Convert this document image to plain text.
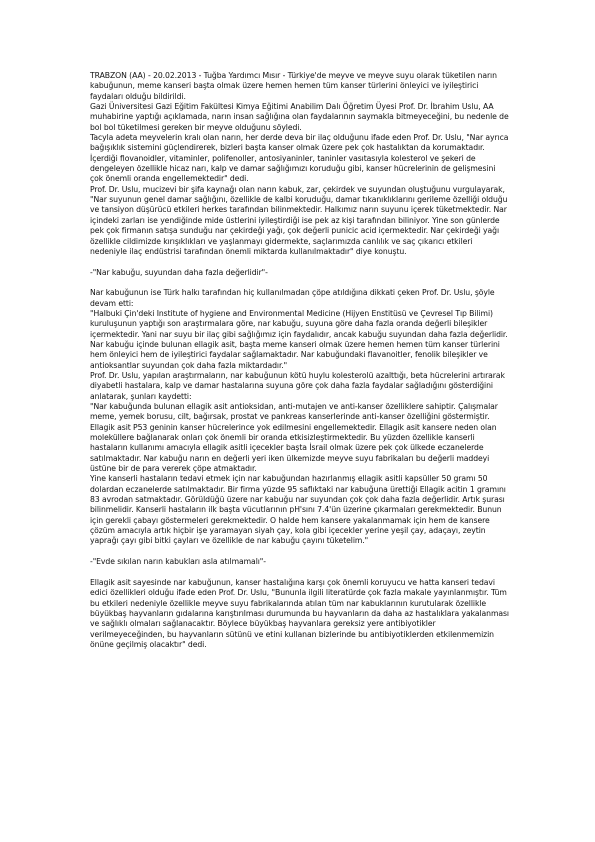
TRABZON (AA) - 20.02.2013 - Tuğba Yardımcı Mısır - Türkiye'de meyve ve meyve suyu olarak tüketilen narın kabuğunun, meme kanseri başta olmak üzere hemen hemen tüm kanser türlerini önleyici ve iyileştirici faydaları olduğu bildirildi.

Gazi Üniversitesi Gazi Eğitim Fakültesi Kimya Eğitimi Anabilim Dalı Öğretim Üyesi Prof. Dr. İbrahim Uslu, AA muhabirine yaptığı açıklamada, narın insan sağlığına olan faydalarının saymakla bitmeyeceğini, bu nedenle de bol bol tüketilmesi gereken bir meyve olduğunu söyledi.

Tacyla adeta meyvelerin kralı olan narın, her derde deva bir ilaç olduğunu ifade eden Prof. Dr. Uslu, "Nar ayrıca bağışıklık sistemini güçlendirerek, bizleri başta kanser olmak üzere pek çok hastalıktan da korumaktadır. İçerdiği flovanoidler, vitaminler, polifenoller, antosiyaninler, taninler vasıtasıyla kolesterol ve şekeri de dengeleyen özellikle hicaz narı, kalp ve damar sağlığımızı koruduğu gibi, kanser hücrelerinin de gelişmesini çok önemli oranda engellemektedir" dedi.

Prof. Dr. Uslu, mucizevi bir şifa kaynağı olan narın kabuk, zar, çekirdek ve suyundan oluştuğunu vurgulayarak, "Nar suyunun genel damar sağlığını, özellikle de kalbi koruduğu, damar tıkanıklıklarını gerileme özelliği olduğu ve tansiyon düşürücü etkileri herkes tarafından bilinmektedir. Halkımız narın suyunu içerek tüketmektedir. Nar içindeki zarları ise yendiğinde mide üstlerini iyileştirdiği ise pek az kişi tarafından biliniyor. Yine son günlerde pek çok firmanın satışa sunduğu nar çekirdeği yağı, çok değerli punicic acid içermektedir. Nar çekirdeği yağı özellikle cildimizde kırışıklıkları ve yaşlanmayı gidermekte, saçlarımızda canlılık ve saç çıkarıcı etkileri nedeniyle ilaç endüstrisi tarafından önemli miktarda kullanılmaktadır" diye konuştu.

-"Nar kabuğu, suyundan daha fazla değerlidir"-

Nar kabuğunun ise Türk halkı tarafından hiç kullanılmadan çöpe atıldığına dikkati çeken Prof. Dr. Uslu, şöyle devam etti:

"Halbuki Çin'deki Institute of hygiene and Environmental Medicine (Hijyen Enstitüsü ve Çevresel Tıp Bilimi) kuruluşunun yaptığı son araştırmalara göre, nar kabuğu, suyuna göre daha fazla oranda değerli bileşikler içermektedir. Yani nar suyu bir ilaç gibi sağlığımız için faydalıdır, ancak kabuğu suyundan daha fazla değerlidir. Nar kabuğu içinde bulunan ellagik asit, başta meme kanseri olmak üzere hemen hemen tüm kanser türlerini hem önleyici hem de iyileştirici faydalar sağlamaktadır. Nar kabuğundaki flavanoitler, fenolik bileşikler ve antioksantlar suyundan çok daha fazla miktardadır."

Prof. Dr. Uslu, yapılan araştırmaların, nar kabuğunun kötü huylu kolesterolü azalttığı, beta hücrelerini artırarak diyabetli hastalara, kalp ve damar hastalarına suyuna göre çok daha fazla faydalar sağladığını gösterdiğini anlatarak, şunları kaydetti:

"Nar kabuğunda bulunan ellagik asit antioksidan, anti-mutajen ve anti-kanser özelliklere sahiptir. Çalışmalar meme, yemek borusu, cilt, bağırsak, prostat ve pankreas kanserlerinde anti-kanser özelliğini göstermiştir. Ellagik asit P53 geninin kanser hücrelerince yok edilmesini engellemektedir. Ellagik asit kansere neden olan moleküllere bağlanarak onları çok önemli bir oranda etkisizleştirmektedir. Bu yüzden özellikle kanserli hastaların kullanımı amacıyla ellagik asitli içecekler başta İsrail olmak üzere pek çok ülkede eczanelerde satılmaktadır. Nar kabuğu narın en değerli yeri iken ülkemizde meyve suyu fabrikaları bu değerli maddeyi üstüne bir de para vererek çöpe atmaktadır.

Yine kanserli hastaların tedavi etmek için nar kabuğundan hazırlanmış ellagik asitli kapsüller 50 gramı 50 dolardan eczanelerde satılmaktadır. Bir firma yüzde 95 saflıktaki nar kabuğuna ürettiği Ellagik acitin 1 gramını 83 avrodan satmaktadır. Görüldüğü üzere nar kabuğu nar suyundan çok çok daha fazla değerlidir. Artık şurası bilinmelidir. Kanserli hastaların ilk başta vücutlarının pH'sını 7.4'ün üzerine çıkarmaları gerekmektedir. Bunun için gerekli çabayı göstermeleri gerekmektedir. O halde hem kansere yakalanmamak için hem de kansere çözüm amacıyla artık hiçbir işe yaramayan siyah çay, kola gibi içecekler yerine yeşil çay, adaçayı, zeytin yaprağı çayı gibi bitki çayları ve özellikle de nar kabuğu çayını tüketelim."

-"Evde sıkılan narın kabukları asla atılmamalı"-

Ellagik asit sayesinde nar kabuğunun, kanser hastalığına karşı çok önemli koruyucu ve hatta kanseri tedavi edici özellikleri olduğu ifade eden Prof. Dr. Uslu, "Bununla ilgili literatürde çok fazla makale yayınlanmıştır. Tüm bu etkileri nedeniyle özellikle meyve suyu fabrikalarında atılan tüm nar kabuklarının kurutularak özellikle büyükbaş hayvanların gıdalarına karıştırılması durumunda bu hayvanların da daha az hastalıklara yakalanması ve sağlıklı olmaları sağlanacaktır. Böylece büyükbaş hayvanlara gereksiz yere antibiyotikler verilmeyeceğinden, bu hayvanların sütünü ve etini kullanan bizlerinde bu antibiyotiklerden etkilenmemizin önüne geçilmiş olacaktır" dedi.
